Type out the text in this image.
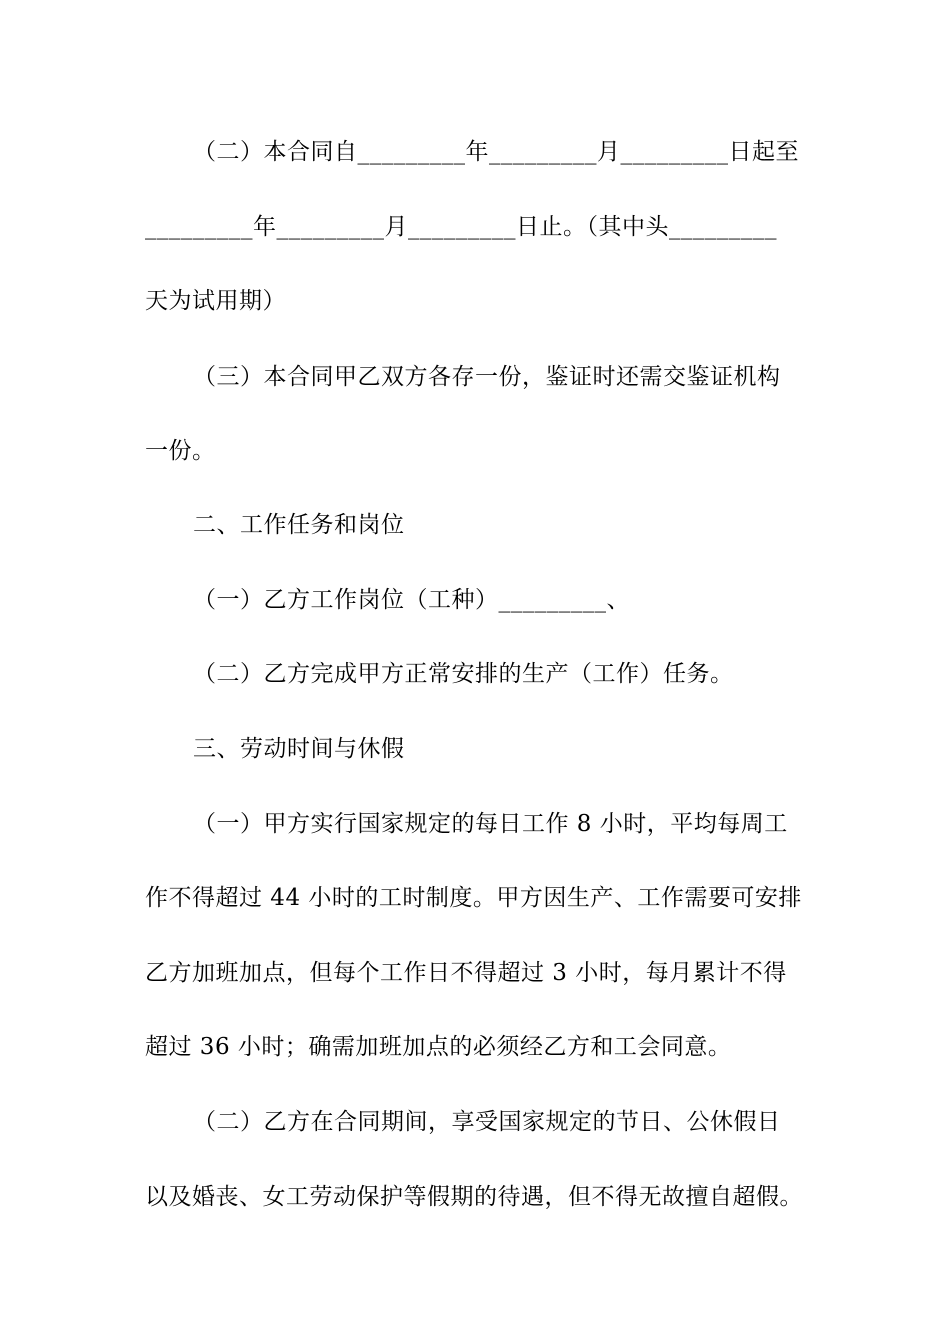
（二）本合同自_________年_________月_________日起至
_________年_________月_________日止。（其中头_________
天为试用期）
（三）本合同甲乙双方各存一份，鉴证时还需交鉴证机构
一份。
二、工作任务和岗位
（一）乙方工作岗位（工种）_________、
（二）乙方完成甲方正常安排的生产（工作）任务。
三、劳动时间与休假
（一）甲方实行国家规定的每日工作 8 小时，平均每周工
作不得超过 44 小时的工时制度。甲方因生产、工作需要可安排
乙方加班加点，但每个工作日不得超过 3 小时，每月累计不得
超过 36 小时；确需加班加点的必须经乙方和工会同意。
（二）乙方在合同期间，享受国家规定的节日、公休假日
以及婚丧、女工劳动保护等假期的待遇，但不得无故擅自超假。
